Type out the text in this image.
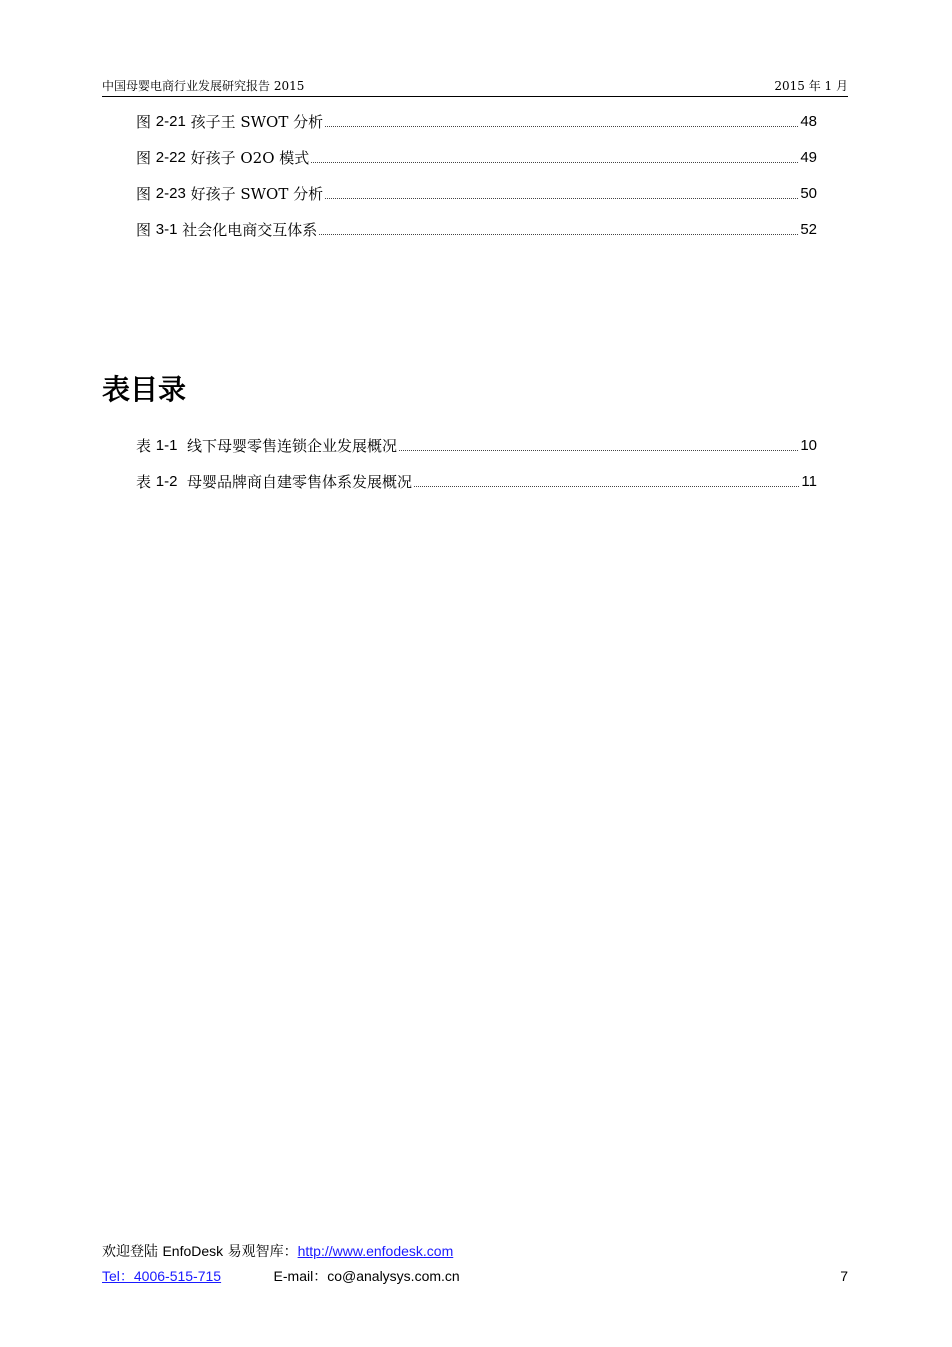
中国母婴电商行业发展研究报告 2015	2015 年 1 月
图 2-21 孩子王 SWOT 分析	48
图 2-22 好孩子 O2O 模式	49
图 2-23 好孩子 SWOT 分析	50
图 3-1 社会化电商交互体系	52
表目录
表 1-1 线下母婴零售连锁企业发展概况	10
表 1-2 母婴品牌商自建零售体系发展概况	11
欢迎登陆 EnfoDesk 易观智库：http://www.enfodesk.com
Tel：4006-515-715	E-mail：co@analysys.com.cn	7
